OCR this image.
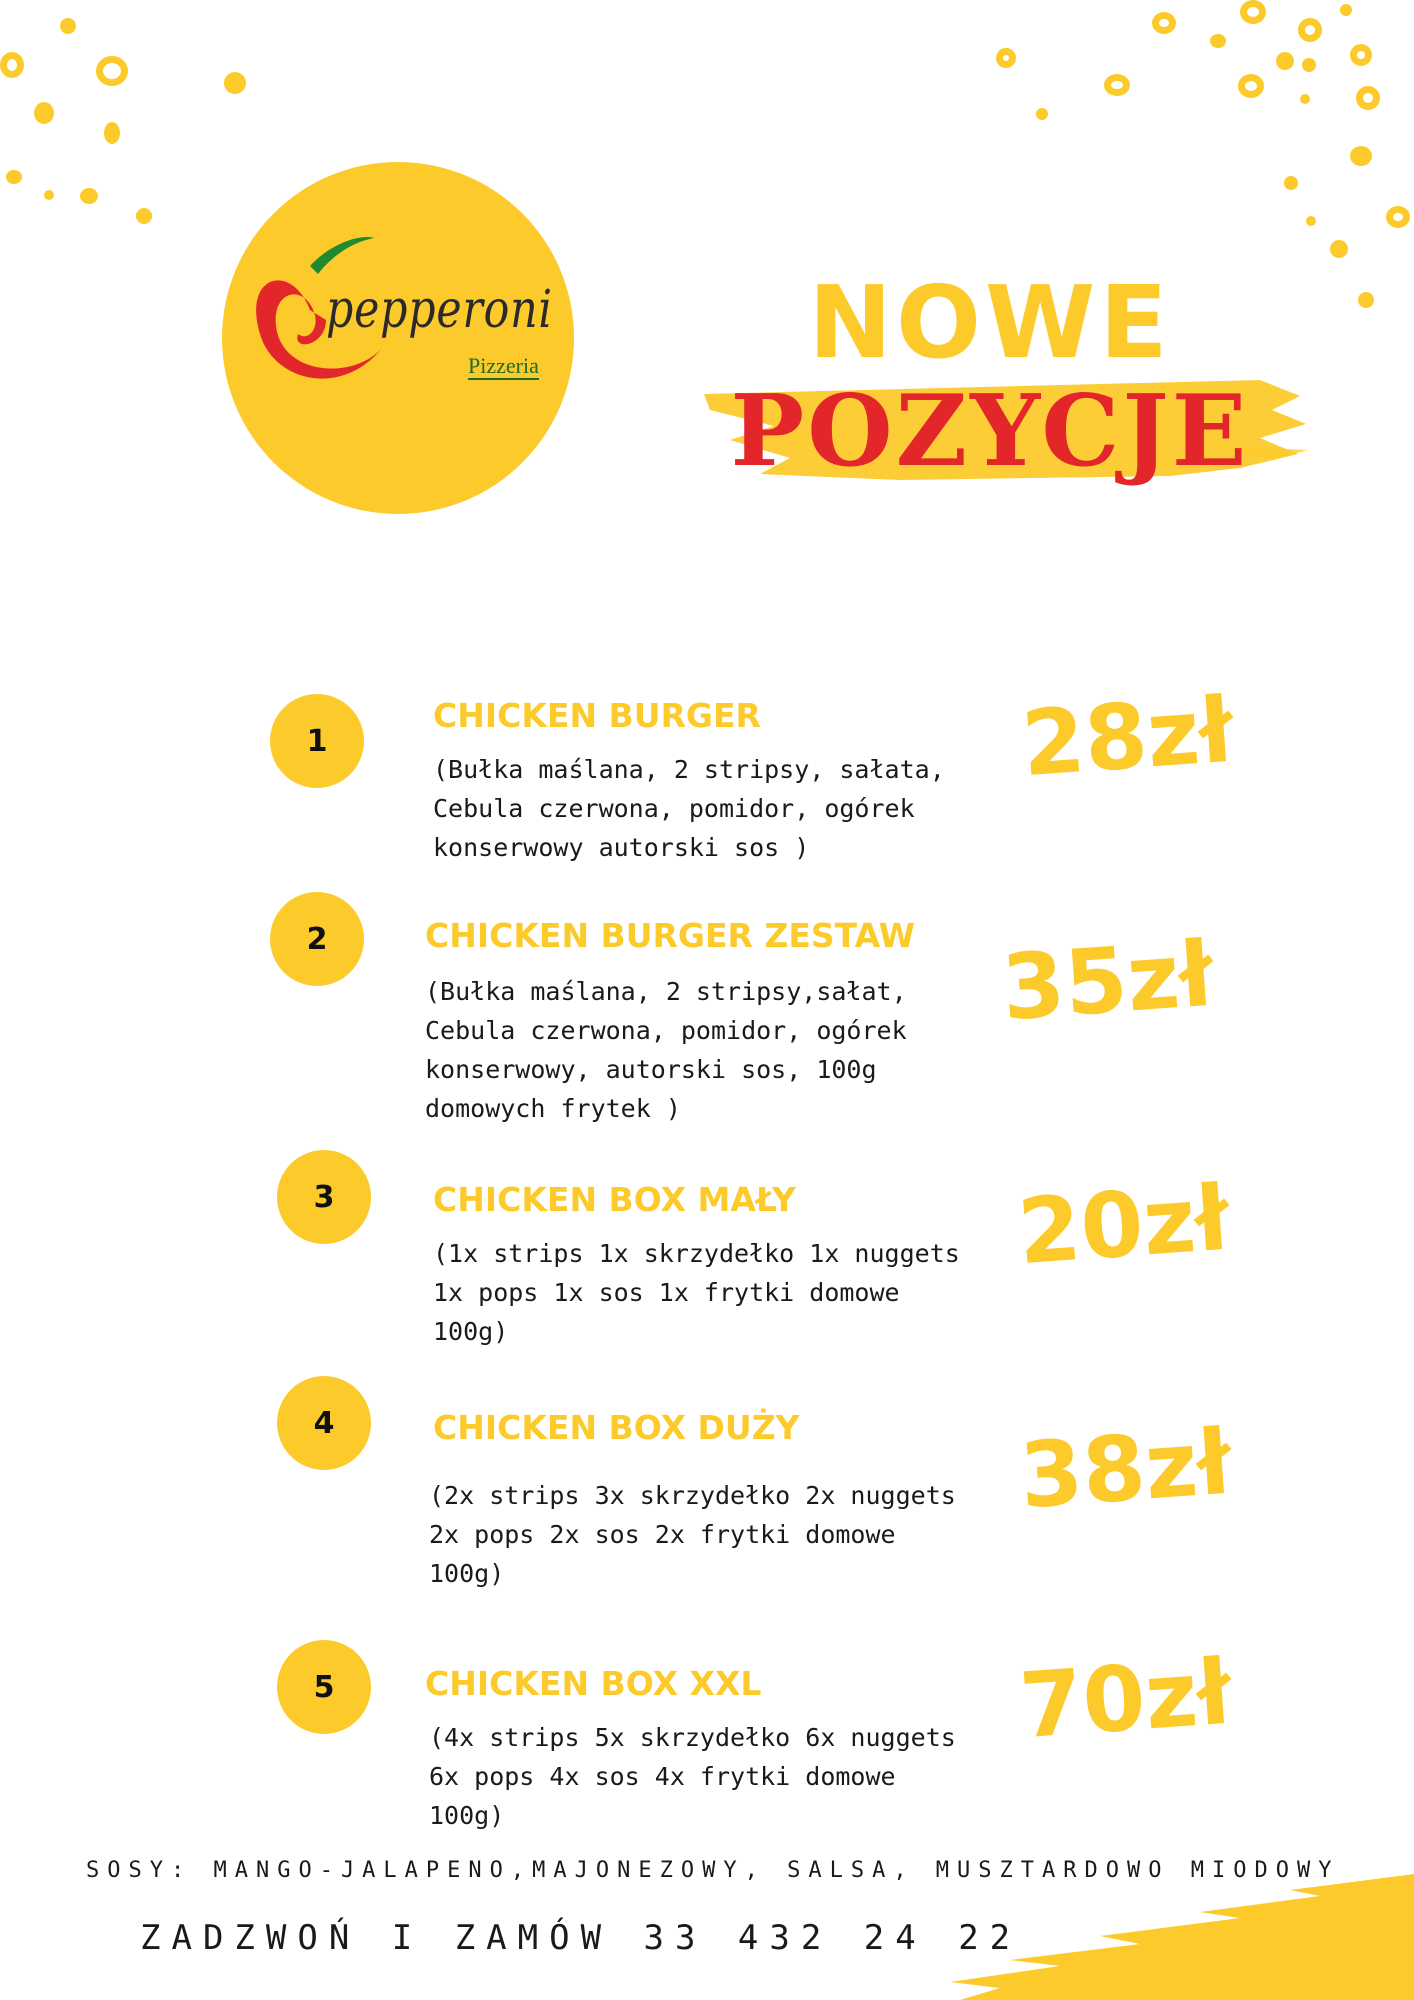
pepperoni
Pizzeria	NOWE
POZYCJE
1
CHICKEN BURGER
(Bułka maślana, 2 stripsy, sałata,
Cebula czerwona, pomidor, ogórek
konserwowy autorski sos )
28zł
2	CHICKEN BURGER ZESTAW
(Bułka maślana, 2 stripsy,sałat,
Cebula czerwona, pomidor, ogórek
konserwowy, autorski sos, 100g
domowych frytek )
35zł
3	CHICKEN BOX MAŁY
(1x strips 1x skrzydełko 1x nuggets
1x pops 1x sos 1x frytki domowe
100g)
20zł
4	CHICKEN BOX DUŻY
(2x strips 3x skrzydełko 2x nuggets
2x pops 2x sos 2x frytki domowe
100g)
38zł
5	CHICKEN BOX XXL
(4x strips 5x skrzydełko 6x nuggets
6x pops 4x sos 4x frytki domowe
100g)
70zł
SOSY: MANGO-JALAPENO,MAJONEZOWY, SALSA, MUSZTARDOWO MIODOWY
ZADZWOŃ I ZAMÓW 33 432 24 22
